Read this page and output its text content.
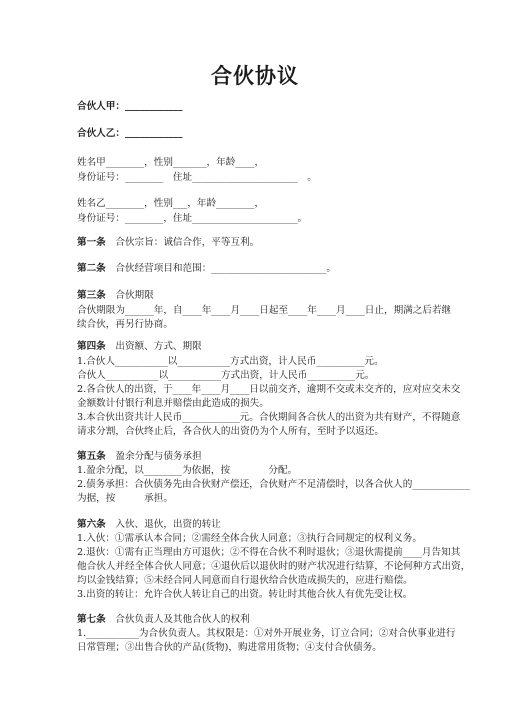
合伙协议
合伙人甲：____________
合伙人乙：____________
姓名甲________，性别_______，年龄____，
身份证号：________　住址______________________　。
姓名乙________，性别___，年龄________，
身份证号：________，住址______________________。
第一条　 合伙宗旨：诚信合作，平等互利。
第二条　 合伙经营项目和范围：________________________。
第三条　 合伙期限
合伙期限为______年，自____年____月____日起至____年____月____日止，期满之后若继
续合伙，再另行协商。
第四条　 出资额、方式、期限
1.合伙人___________以___________方式出资，计人民币__________元。
合伙人___________以___________方式出资，计人民币__________元。
2.各合伙人的出资，于____年____月____日以前交齐，逾期不交或未交齐的，应对应交未交
金额数计付银行利息并赔偿由此造成的损失。
3.本合伙出资共计人民币____________元。合伙期间各合伙人的出资为共有财产，不得随意
请求分割，合伙终止后，各合伙人的出资仍为个人所有，至时予以返还。
第五条　 盈余分配与债务承担
1.盈余分配，以________为依据，按　　　　分配。
2.债务承担：合伙债务先由合伙财产偿还，合伙财产不足清偿时，以各合伙人的____________
为据，按　　　承担。
第六条　 入伙、退伙，出资的转让
1.入伙：①需承认本合同；②需经全体合伙人同意；③执行合同规定的权利义务。
2.退伙：①需有正当理由方可退伙；②不得在合伙不利时退伙；③退伙需提前____月告知其
他合伙人并经全体合伙人同意；④退伙后以退伙时的财产状况进行结算，不论何种方式出资，
均以金钱结算；⑤未经合同人同意而自行退伙给合伙造成损失的，应进行赔偿。
3.出资的转让：允许合伙人转让自己的出资。转让时其他合伙人有优先受让权。
第七条　 合伙负责人及其他合伙人的权利
1.___________为合伙负责人。其权限是：①对外开展业务，订立合同；②对合伙事业进行
日常管理；③出售合伙的产品(货物)，购进常用货物；④支付合伙债务。
